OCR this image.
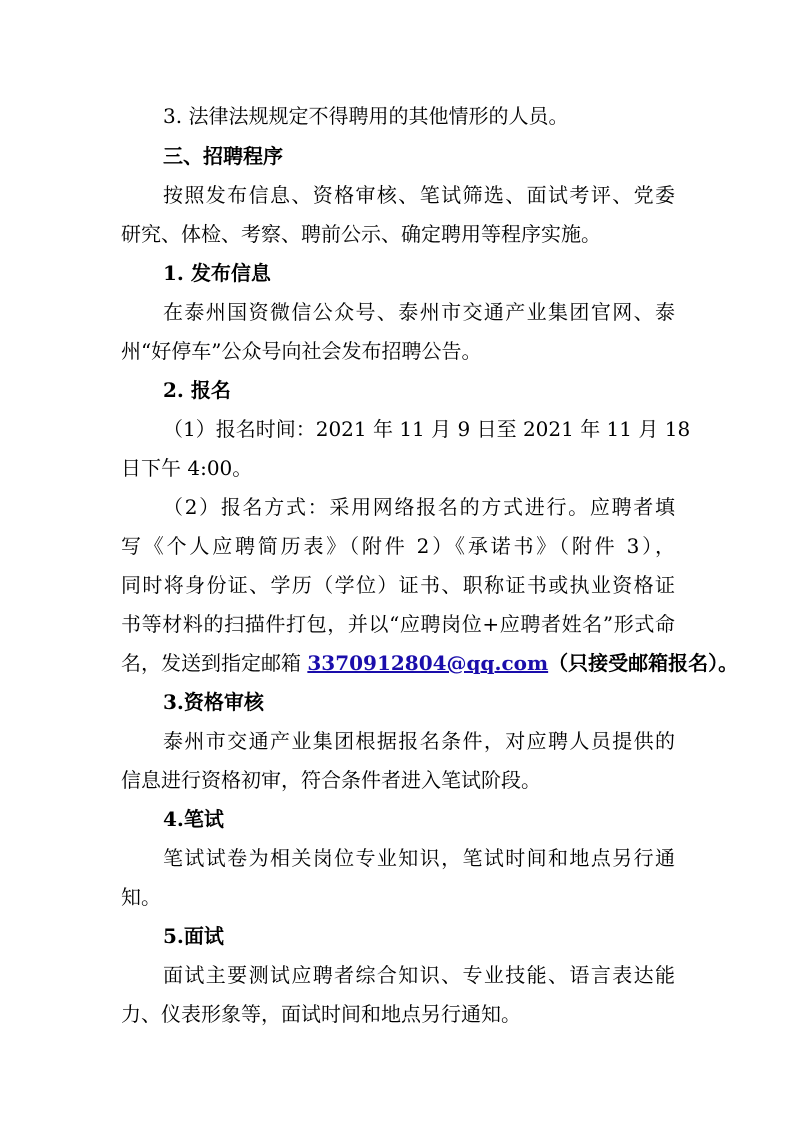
3. 法律法规规定不得聘用的其他情形的人员。
三、招聘程序
按照发布信息、资格审核、笔试筛选、面试考评、党委
研究、体检、考察、聘前公示、确定聘用等程序实施。
1. 发布信息
在泰州国资微信公众号、泰州市交通产业集团官网、泰
州“好停车”公众号向社会发布招聘公告。
2. 报名
（1）报名时间：2021 年 11 月 9 日至 2021 年 11 月 18
日下午 4:00。
（2）报名方式：采用网络报名的方式进行。应聘者填
写《个人应聘简历表》（附件 2）《承诺书》（附件 3），
同时将身份证、学历（学位）证书、职称证书或执业资格证
书等材料的扫描件打包，并以“应聘岗位+应聘者姓名”形式命
名，发送到指定邮箱 3370912804@qq.com（只接受邮箱报名）。
3.资格审核
泰州市交通产业集团根据报名条件，对应聘人员提供的
信息进行资格初审，符合条件者进入笔试阶段。
4.笔试
笔试试卷为相关岗位专业知识，笔试时间和地点另行通
知。
5.面试
面试主要测试应聘者综合知识、专业技能、语言表达能
力、仪表形象等，面试时间和地点另行通知。
